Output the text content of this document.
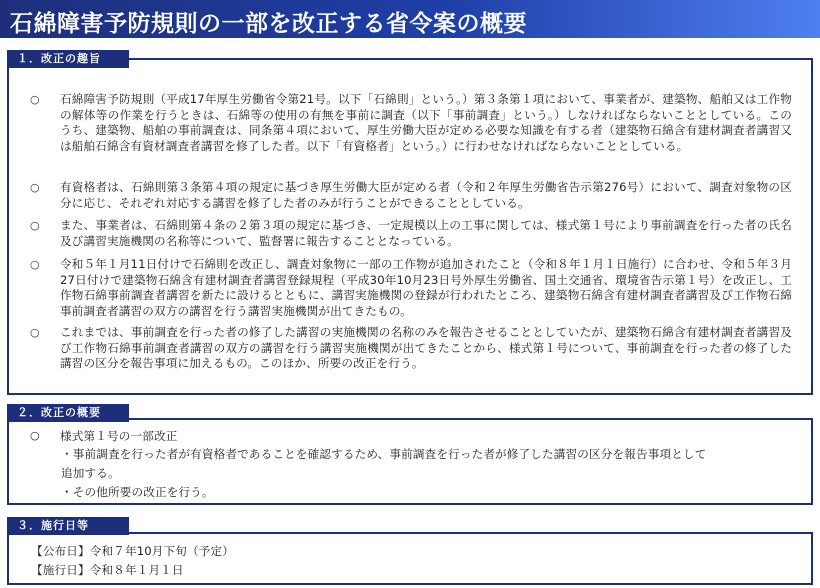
石綿障害予防規則の一部を改正する省令案の概要
１．改正の趣旨
○ 石綿障害予防規則（平成17年厚生労働省令第21号。以下「石綿則」という。）第３条第１項において、事業者が、建築物、船舶又は工作物の解体等の作業を行うときは、石綿等の使用の有無を事前に調査（以下「事前調査」という。）しなければならないこととしている。このうち、建築物、船舶の事前調査は、同条第４項において、厚生労働大臣が定める必要な知識を有する者（建築物石綿含有建材調査者講習又は船舶石綿含有資材調査者講習を修了した者。以下「有資格者」という。）に行わせなければならないこととしている。
○ 有資格者は、石綿則第３条第４項の規定に基づき厚生労働大臣が定める者（令和２年厚生労働省告示第276号）において、調査対象物の区分に応じ、それぞれ対応する講習を修了した者のみが行うことができることとしている。
○ また、事業者は、石綿則第４条の２第３項の規定に基づき、一定規模以上の工事に関しては、様式第１号により事前調査を行った者の氏名及び講習実施機関の名称等について、監督署に報告することとなっている。
○ 令和５年１月11日付けで石綿則を改正し、調査対象物に一部の工作物が追加されたこと（令和８年１月１日施行）に合わせ、令和５年３月27日付けで建築物石綿含有建材調査者講習登録規程（平成30年10月23日号外厚生労働省、国土交通省、環境省告示第１号）を改正し、工作物石綿事前調査者講習を新たに設けるとともに、講習実施機関の登録が行われたところ、建築物石綿含有建材調査者講習及び工作物石綿事前調査者講習の双方の講習を行う講習実施機関が出てきたもの。
○ これまでは、事前調査を行った者の修了した講習の実施機関の名称のみを報告させることとしていたが、建築物石綿含有建材調査者講習及び工作物石綿事前調査者講習の双方の講習を行う講習実施機関が出てきたことから、様式第１号について、事前調査を行った者の修了した講習の区分を報告事項に加えるもの。このほか、所要の改正を行う。
２．改正の概要
○ 様式第１号の一部改正
・事前調査を行った者が有資格者であることを確認するため、事前調査を行った者が修了した講習の区分を報告事項として
追加する。
・その他所要の改正を行う。
３．施行日等
【公布日】令和７年10月下旬（予定）
【施行日】令和８年１月１日
